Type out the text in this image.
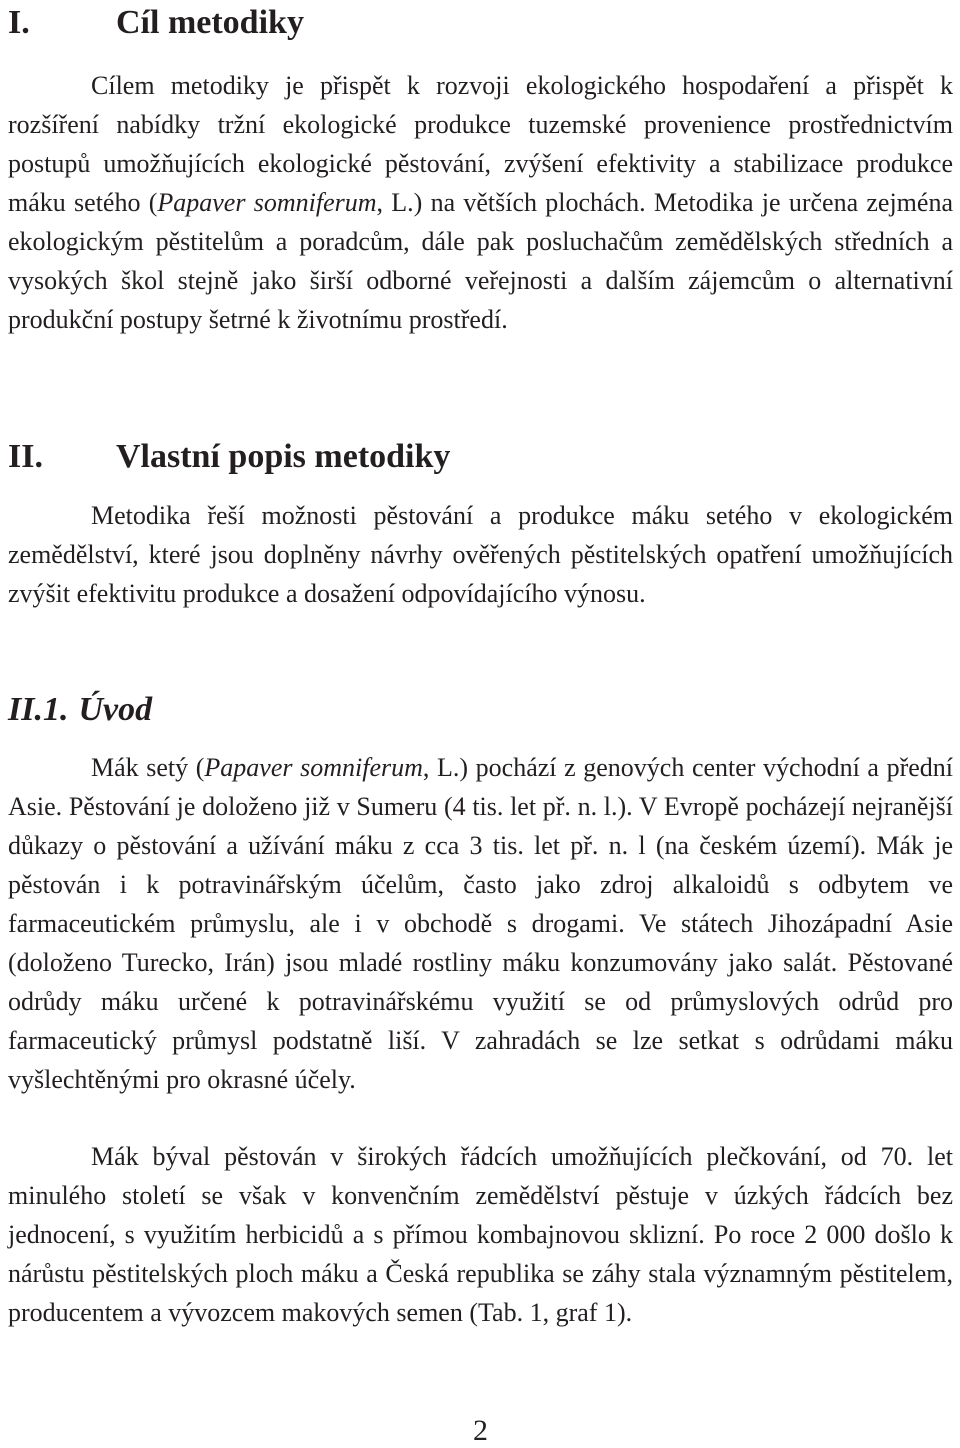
I.	Cíl metodiky

Cílem metodiky je přispět k rozvoji ekologického hospodaření a přispět k rozšíření nabídky tržní ekologické produkce tuzemské provenience prostřednictvím postupů umožňujících ekologické pěstování, zvýšení efektivity a stabilizace produkce máku setého (Papaver somniferum, L.) na větších plochách. Metodika je určena zejména ekologickým pěstitelům a poradcům, dále pak posluchačům zemědělských středních a vysokých škol stejně jako širší odborné veřejnosti a dalším zájemcům o alternativní produkční postupy šetrné k životnímu prostředí.

II. Vlastní popis metodiky

Metodika řeší možnosti pěstování a produkce máku setého v ekologickém zemědělství, které jsou doplněny návrhy ověřených pěstitelských opatření umožňujících zvýšit efektivitu produkce a dosažení odpovídajícího výnosu.

II.1. Úvod

Mák setý (Papaver somniferum, L.) pochází z genových center východní a přední Asie. Pěstování je doloženo již v Sumeru (4 tis. let př. n. l.). V Evropě pocházejí nejranější důkazy o pěstování a užívání máku z cca 3 tis. let př. n. l (na českém území). Mák je pěstován i k potravinářským účelům, často jako zdroj alkaloidů s odbytem ve farmaceutickém průmyslu, ale i v obchodě s drogami. Ve státech Jihozápadní Asie (doloženo Turecko, Irán) jsou mladé rostliny máku konzumovány jako salát. Pěstované odrůdy máku určené k potravinářskému využití se od průmyslových odrůd pro farmaceutický průmysl podstatně liší. V zahradách se lze setkat s odrůdami máku vyšlechtěnými pro okrasné účely.

Mák býval pěstován v širokých řádcích umožňujících plečkování, od 70. let minulého století se však v konvenčním zemědělství pěstuje v úzkých řádcích bez jednocení, s využitím herbicidů a s přímou kombajnovou sklizní. Po roce 2 000 došlo k nárůstu pěstitelských ploch máku a Česká republika se záhy stala významným pěstitelem, producentem a vývozcem makových semen (Tab. 1, graf 1).

2
